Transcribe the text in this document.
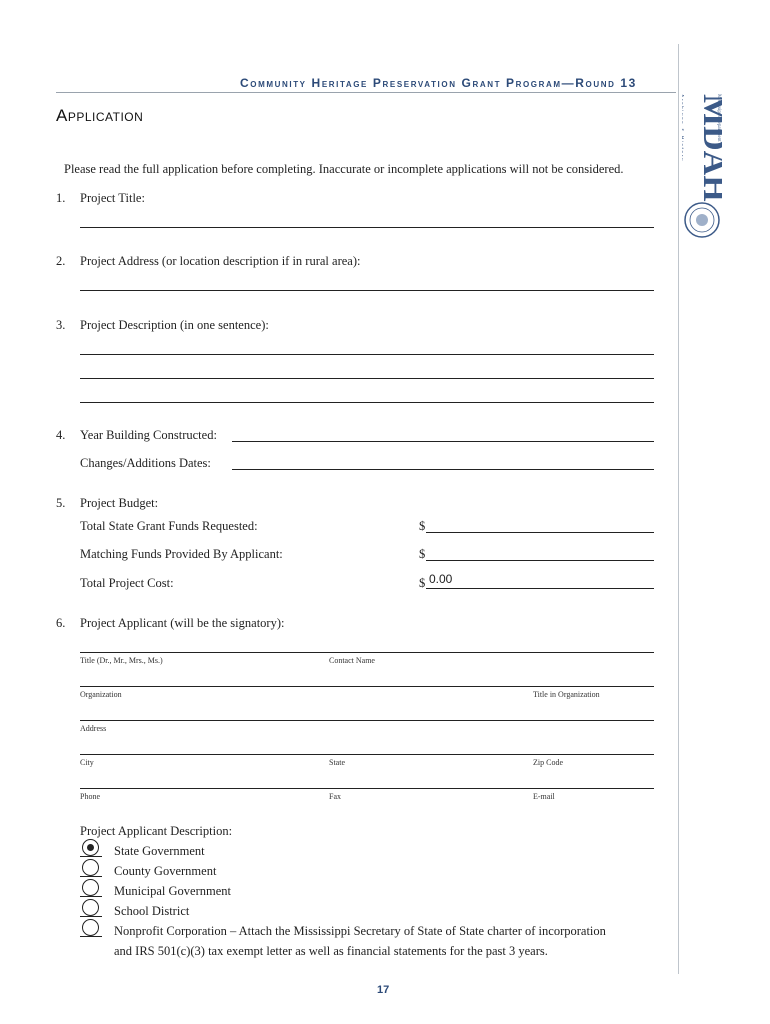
Community Heritage Preservation Grant Program—Round 13
MDAH
Mississippi Department of
Archives History
Application
Please read the full application before completing. Inaccurate or incomplete applications will not be considered.
1. Project Title:
2. Project Address (or location description if in rural area):
3. Project Description (in one sentence):
4. Year Building Constructed:
Changes/Additions Dates:
5. Project Budget:
Total State Grant Funds Requested:	$
Matching Funds Provided By Applicant:	$
Total Project Cost:	$ 0.00
6. Project Applicant (will be the signatory):
Title (Dr., Mr., Mrs., Ms.)	Contact Name
Organization	Title in Organization
Address
City	State	Zip Code
Phone	Fax	E-mail
Project Applicant Description:
State Government
County Government
Municipal Government
School District
Nonprofit Corporation – Attach the Mississippi Secretary of State of State charter of incorporation
and IRS 501(c)(3) tax exempt letter as well as financial statements for the past 3 years.
17
